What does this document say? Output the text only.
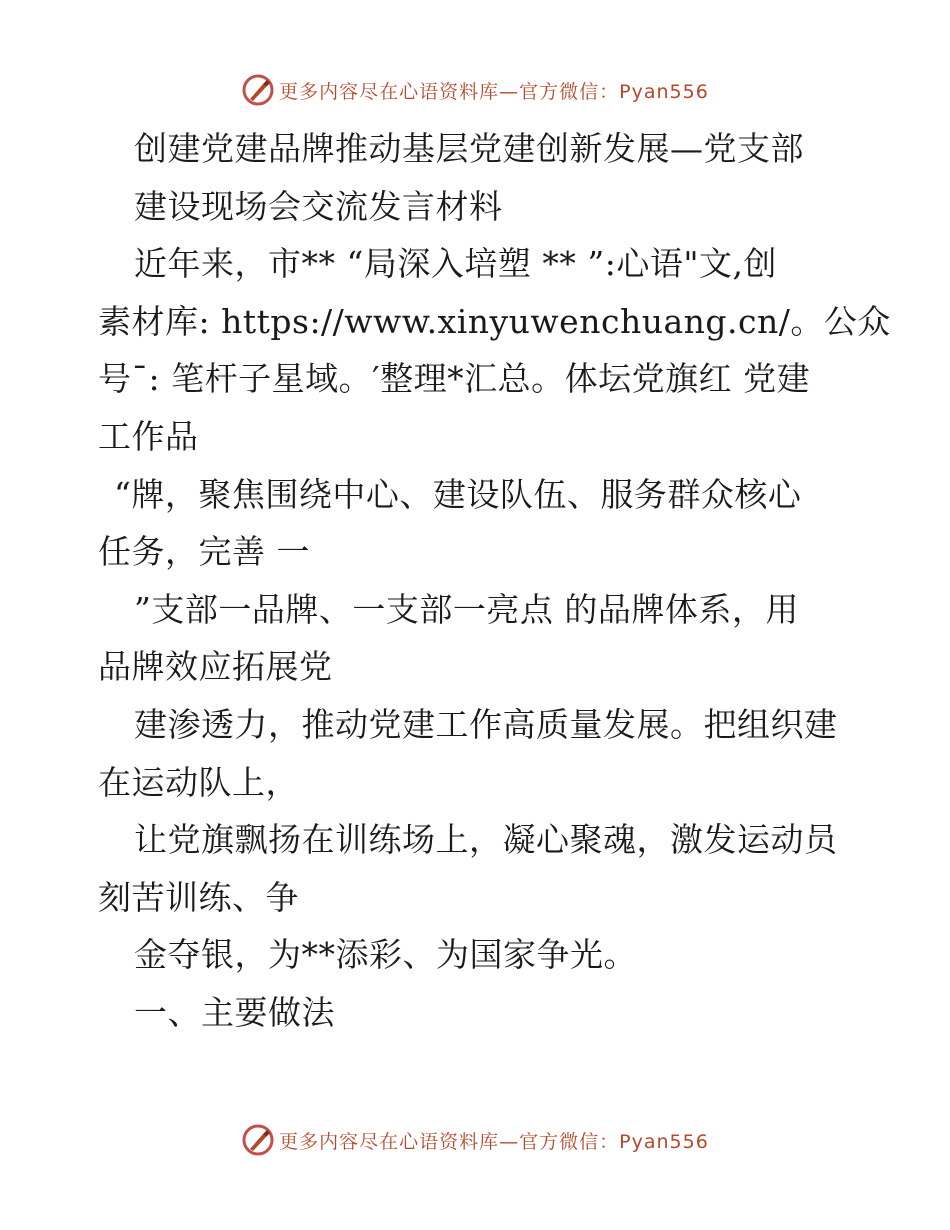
更多内容尽在心语资料库—官方微信：Pyan556
创建党建品牌推动基层党建创新发展—党支部
建设现场会交流发言材料
近年来，市** “局深入培塑 ** ”:心语"文,创
素材库: https://www.xinyuwenchuang.cn/。公众
号¯: 笔杆子星域。′整理*汇总。体坛党旗红 党建
工作品
“牌，聚焦围绕中心、建设队伍、服务群众核心
任务，完善 一
”支部一品牌、一支部一亮点 的品牌体系，用
品牌效应拓展党
建渗透力，推动党建工作高质量发展。把组织建
在运动队上，
让党旗飘扬在训练场上，凝心聚魂，激发运动员
刻苦训练、争
金夺银，为**添彩、为国家争光。
一、主要做法
更多内容尽在心语资料库—官方微信：Pyan556
